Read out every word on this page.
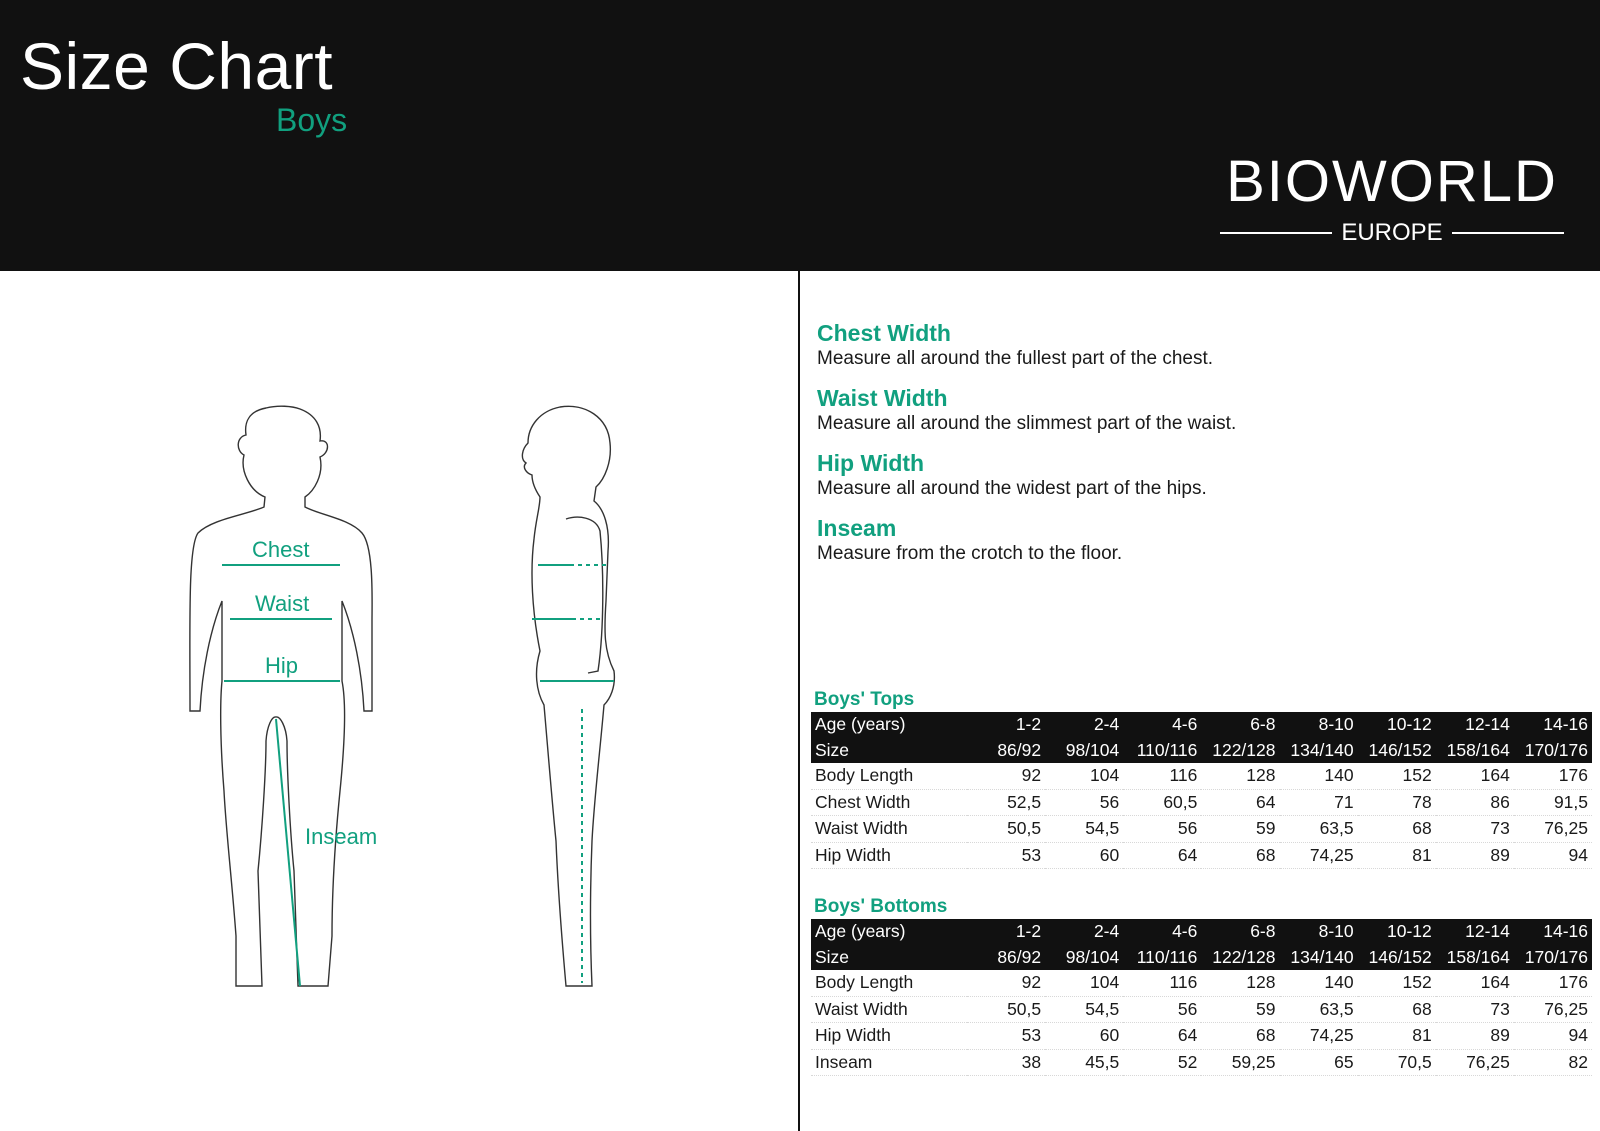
Size Chart
Boys
BIOWORLD
EUROPE
Chest
Waist
Hip
Inseam
Chest Width
Measure all around the fullest part of the chest.
Waist Width
Measure all around the slimmest part of the waist.
Hip Width
Measure all around the widest part of the hips.
Inseam
Measure from the crotch to the floor.
Boys' Tops
Age (years)	1-2	2-4	4-6	6-8	8-10	10-12	12-14	14-16
Size	86/92	98/104	110/116	122/128	134/140	146/152	158/164	170/176
Body Length	92	104	116	128	140	152	164	176
Chest Width	52,5	56	60,5	64	71	78	86	91,5
Waist Width	50,5	54,5	56	59	63,5	68	73	76,25
Hip Width	53	60	64	68	74,25	81	89	94
Boys' Bottoms
Age (years)	1-2	2-4	4-6	6-8	8-10	10-12	12-14	14-16
Size	86/92	98/104	110/116	122/128	134/140	146/152	158/164	170/176
Body Length	92	104	116	128	140	152	164	176
Waist Width	50,5	54,5	56	59	63,5	68	73	76,25
Hip Width	53	60	64	68	74,25	81	89	94
Inseam	38	45,5	52	59,25	65	70,5	76,25	82
